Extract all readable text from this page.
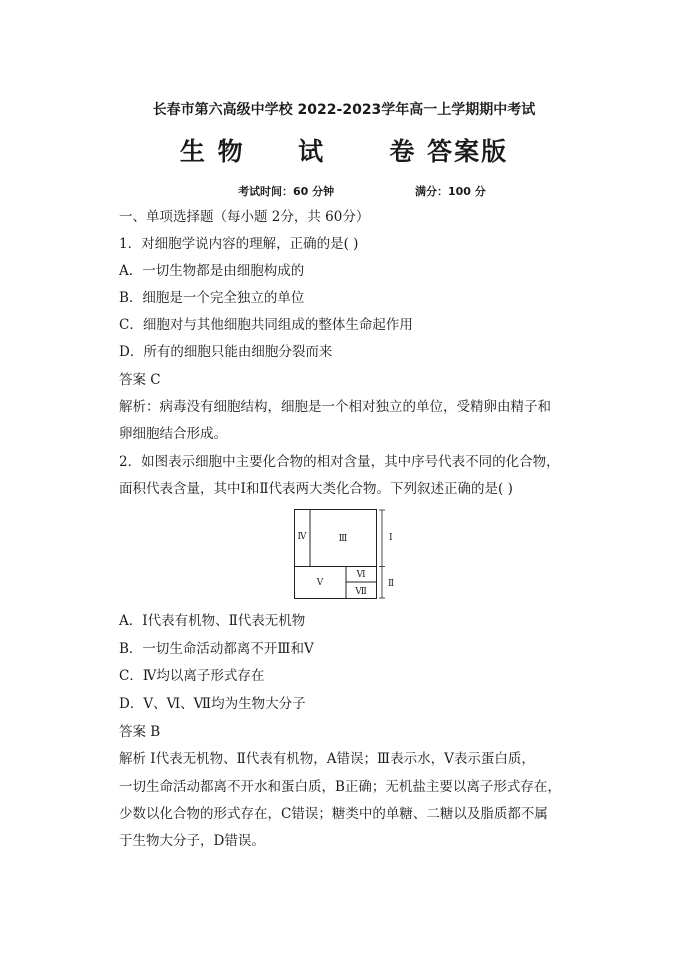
长春市第六高级中学校 2022-2023学年高一上学期期中考试
生 物     试      卷 答案版
考试时间：60 分钟	满分：100 分
一、单项选择题（每小题 2分，共 60分）
1．对细胞学说内容的理解，正确的是( )
A．一切生物都是由细胞构成的
B．细胞是一个完全独立的单位
C．细胞对与其他细胞共同组成的整体生命起作用
D．所有的细胞只能由细胞分裂而来
答案 C
解析：病毒没有细胞结构，细胞是一个相对独立的单位，受精卵由精子和
卵细胞结合形成。
2．如图表示细胞中主要化合物的相对含量，其中序号代表不同的化合物，
面积代表含量，其中Ⅰ和Ⅱ代表两大类化合物。下列叙述正确的是( )
Ⅳ	Ⅲ	Ⅰ
Ⅴ
Ⅵ
Ⅶ
Ⅱ
A．Ⅰ代表有机物、Ⅱ代表无机物
B．一切生命活动都离不开Ⅲ和Ⅴ
C．Ⅳ均以离子形式存在
D．Ⅴ、Ⅵ、Ⅶ均为生物大分子
答案 B
解析 Ⅰ代表无机物、Ⅱ代表有机物，A错误；Ⅲ表示水，Ⅴ表示蛋白质，
一切生命活动都离不开水和蛋白质，B正确；无机盐主要以离子形式存在，
少数以化合物的形式存在，C错误；糖类中的单糖、二糖以及脂质都不属
于生物大分子，D错误。
